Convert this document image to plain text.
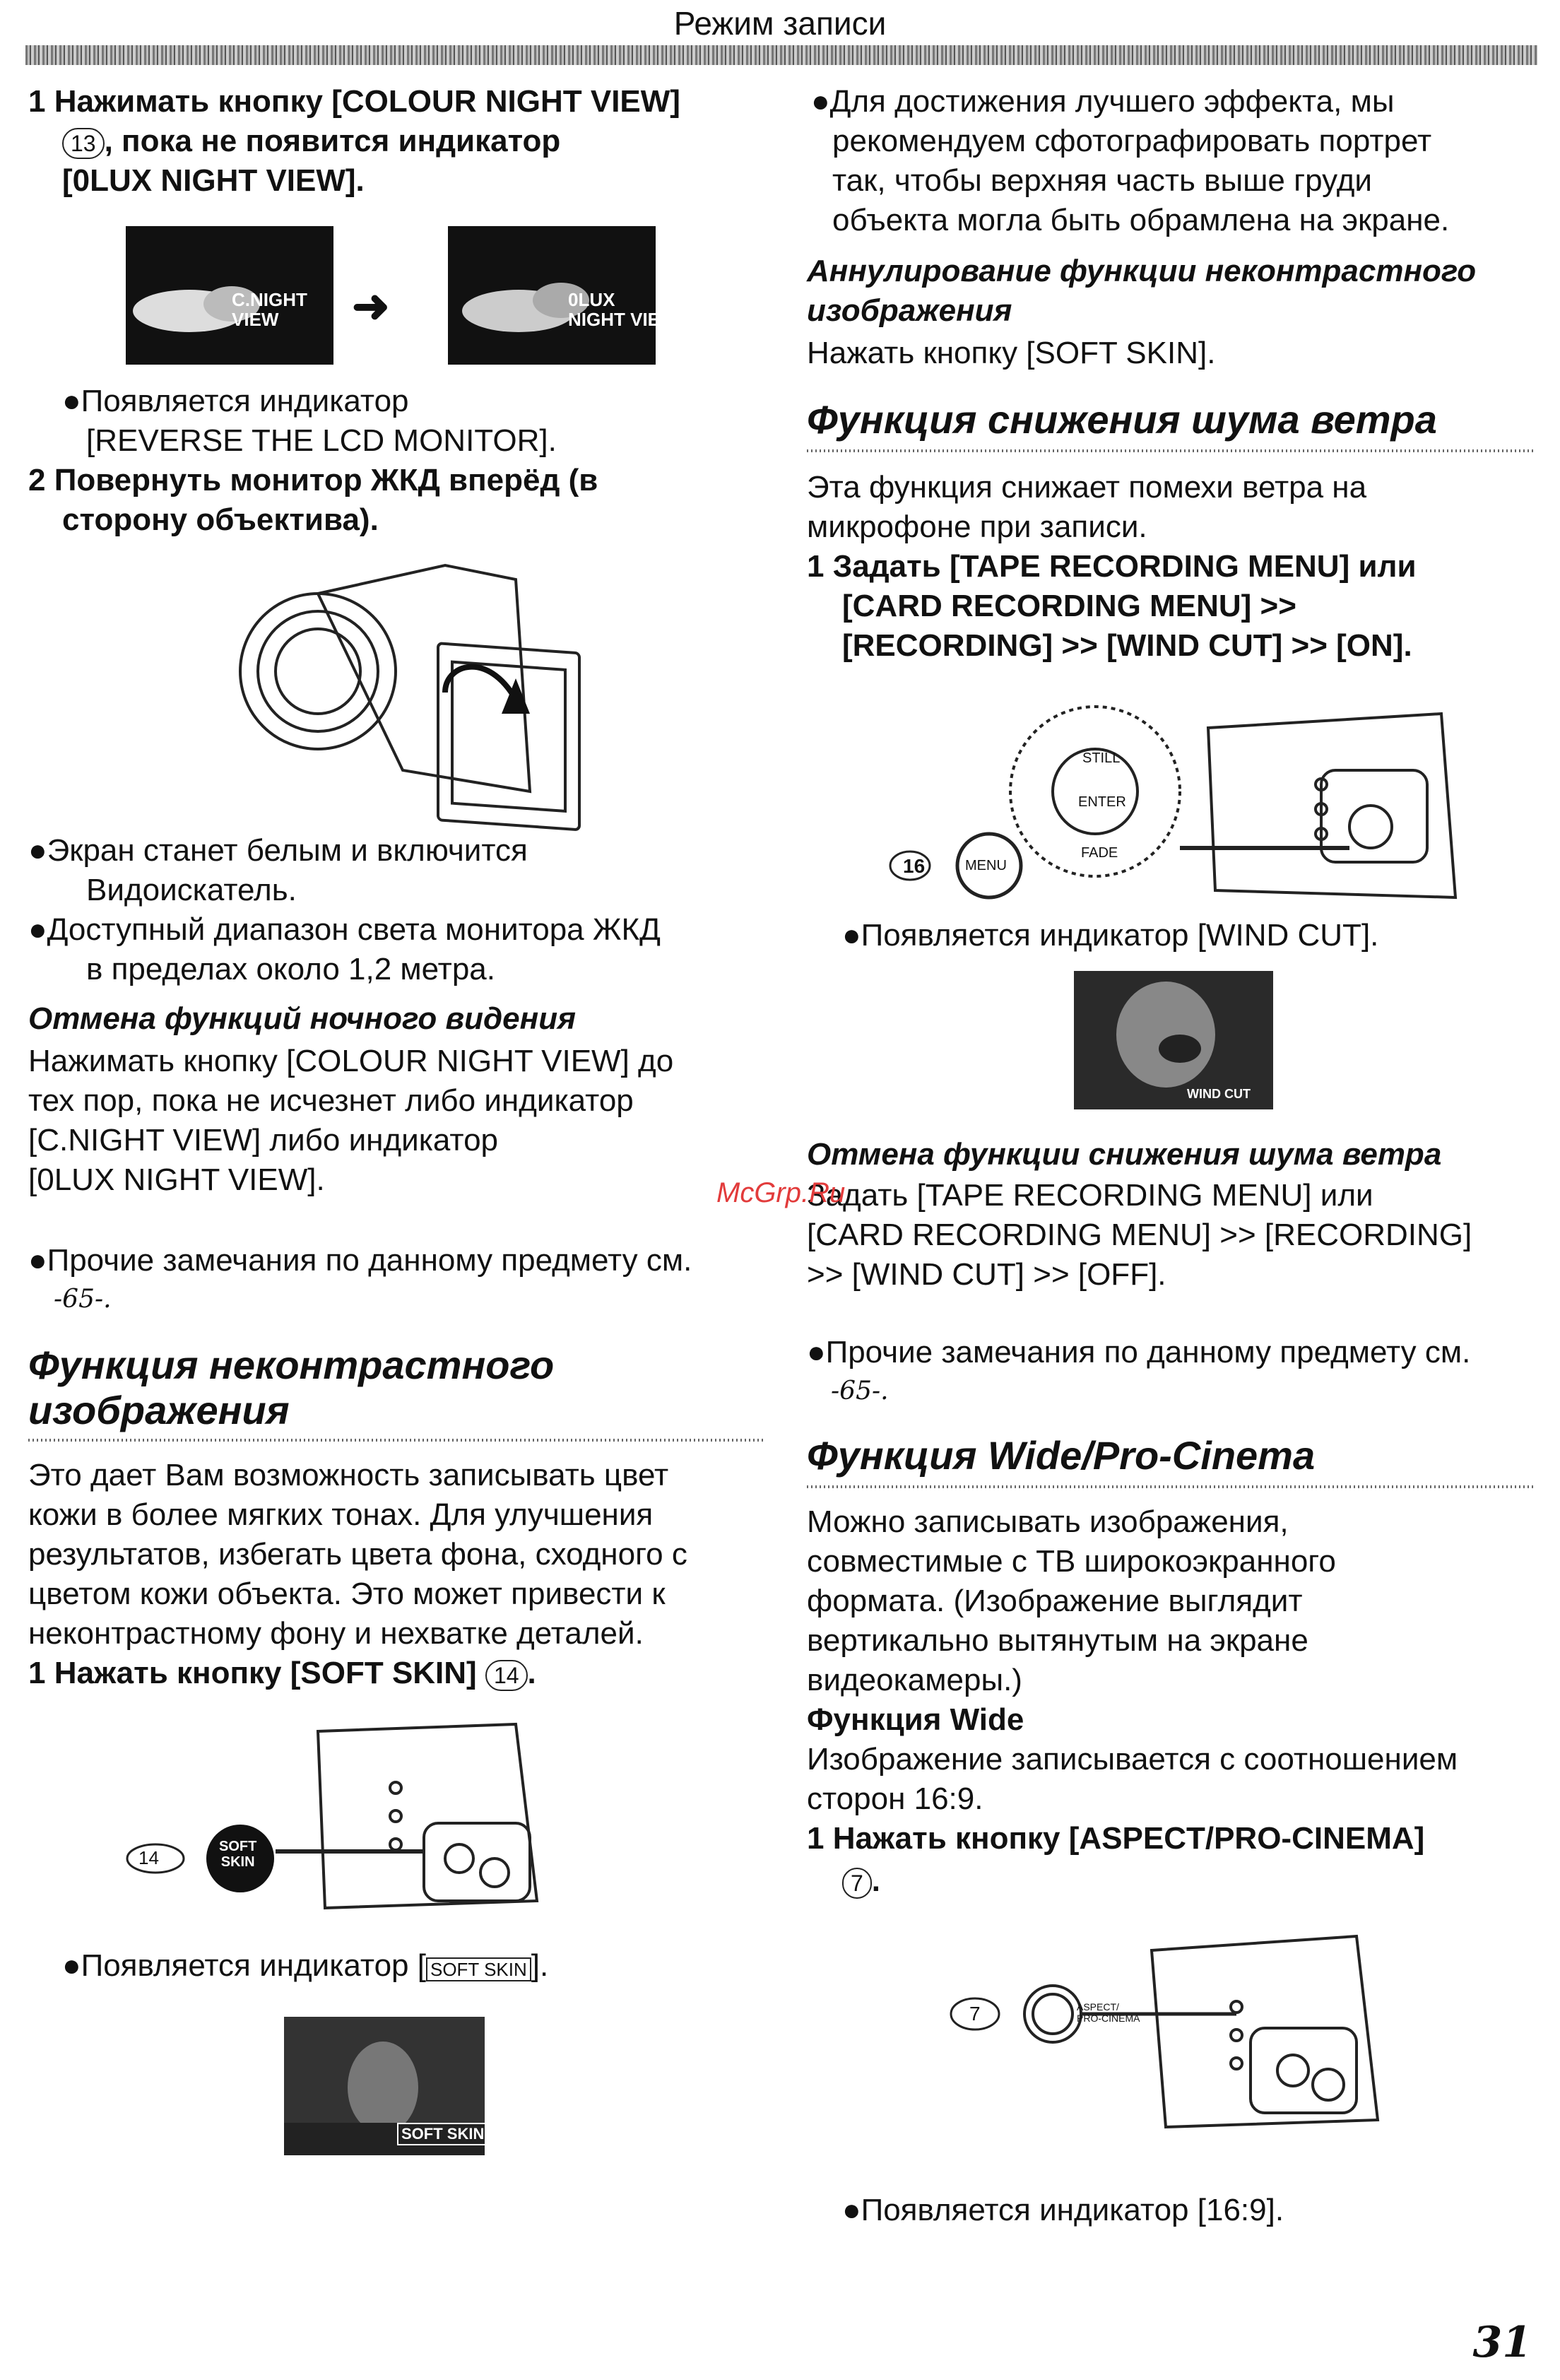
Режим записи
1 Нажимать кнопку [COLOUR NIGHT VIEW]
13 , пока не появится индикатор
[0LUX NIGHT VIEW].
C.NIGHT
VIEW	➜	0LUX
NIGHT VIEW
●Появляется индикатор
[REVERSE THE LCD MONITOR].
2 Повернуть монитор ЖКД вперёд (в
сторону объектива).
●Экран станет белым и включится
Видоискатель.
●Доступный диапазон света монитора ЖКД
в пределах около 1,2 метра.
Отмена функций ночного видения
Нажимать кнопку [COLOUR NIGHT VIEW] до
тех пор, пока не исчезнет либо индикатор
[C.NIGHT VIEW] либо индикатор
[0LUX NIGHT VIEW].
●Прочие замечания по данному предмету см.
-65-.
Функция неконтрастного
изображения
Это дает Вам возможность записывать цвет
кожи в более мягких тонах. Для улучшения
результатов, избегать цвета фона, сходного с
цветом кожи объекта. Это может привести к
неконтрастному фону и нехватке деталей.
1 Нажать кнопку [SOFT SKIN] 14 .
14
SOFT
SKIN
●Появляется индикатор [ SOFT SKIN ].
SOFT SKIN
●Для достижения лучшего эффекта, мы
рекомендуем сфотографировать портрет
так, чтобы верхняя часть выше груди
объекта могла быть обрамлена на экране.
Аннулирование функции неконтрастного
изображения
Нажать кнопку [SOFT SKIN].
Функция снижения шума ветра
Эта функция снижает помехи ветра на
микрофоне при записи.
1 Задать [TAPE RECORDING MENU] или
[CARD RECORDING MENU] >>
[RECORDING] >> [WIND CUT] >> [ON].
STILL
ENTER
FADE
MENU
16
●Появляется индикатор [WIND CUT].
WIND CUT
Отмена функции снижения шума ветра
Задать [TAPE RECORDING MENU] или
[CARD RECORDING MENU] >> [RECORDING]
>> [WIND CUT] >> [OFF].
●Прочие замечания по данному предмету см.
-65-.
Функция Wide/Pro-Cinema
Можно записывать изображения,
совместимые с ТВ широкоэкранного
формата. (Изображение выглядит
вертикально вытянутым на экране
видеокамеры.)
Функция Wide
Изображение записывается с соотношением
сторон 16:9.
1 Нажать кнопку [ASPECT/PRO-CINEMA]
7 .
7	ASPECT/
PRO-CINEMA
●Появляется индикатор [16:9].
McGrp.Ru
31
